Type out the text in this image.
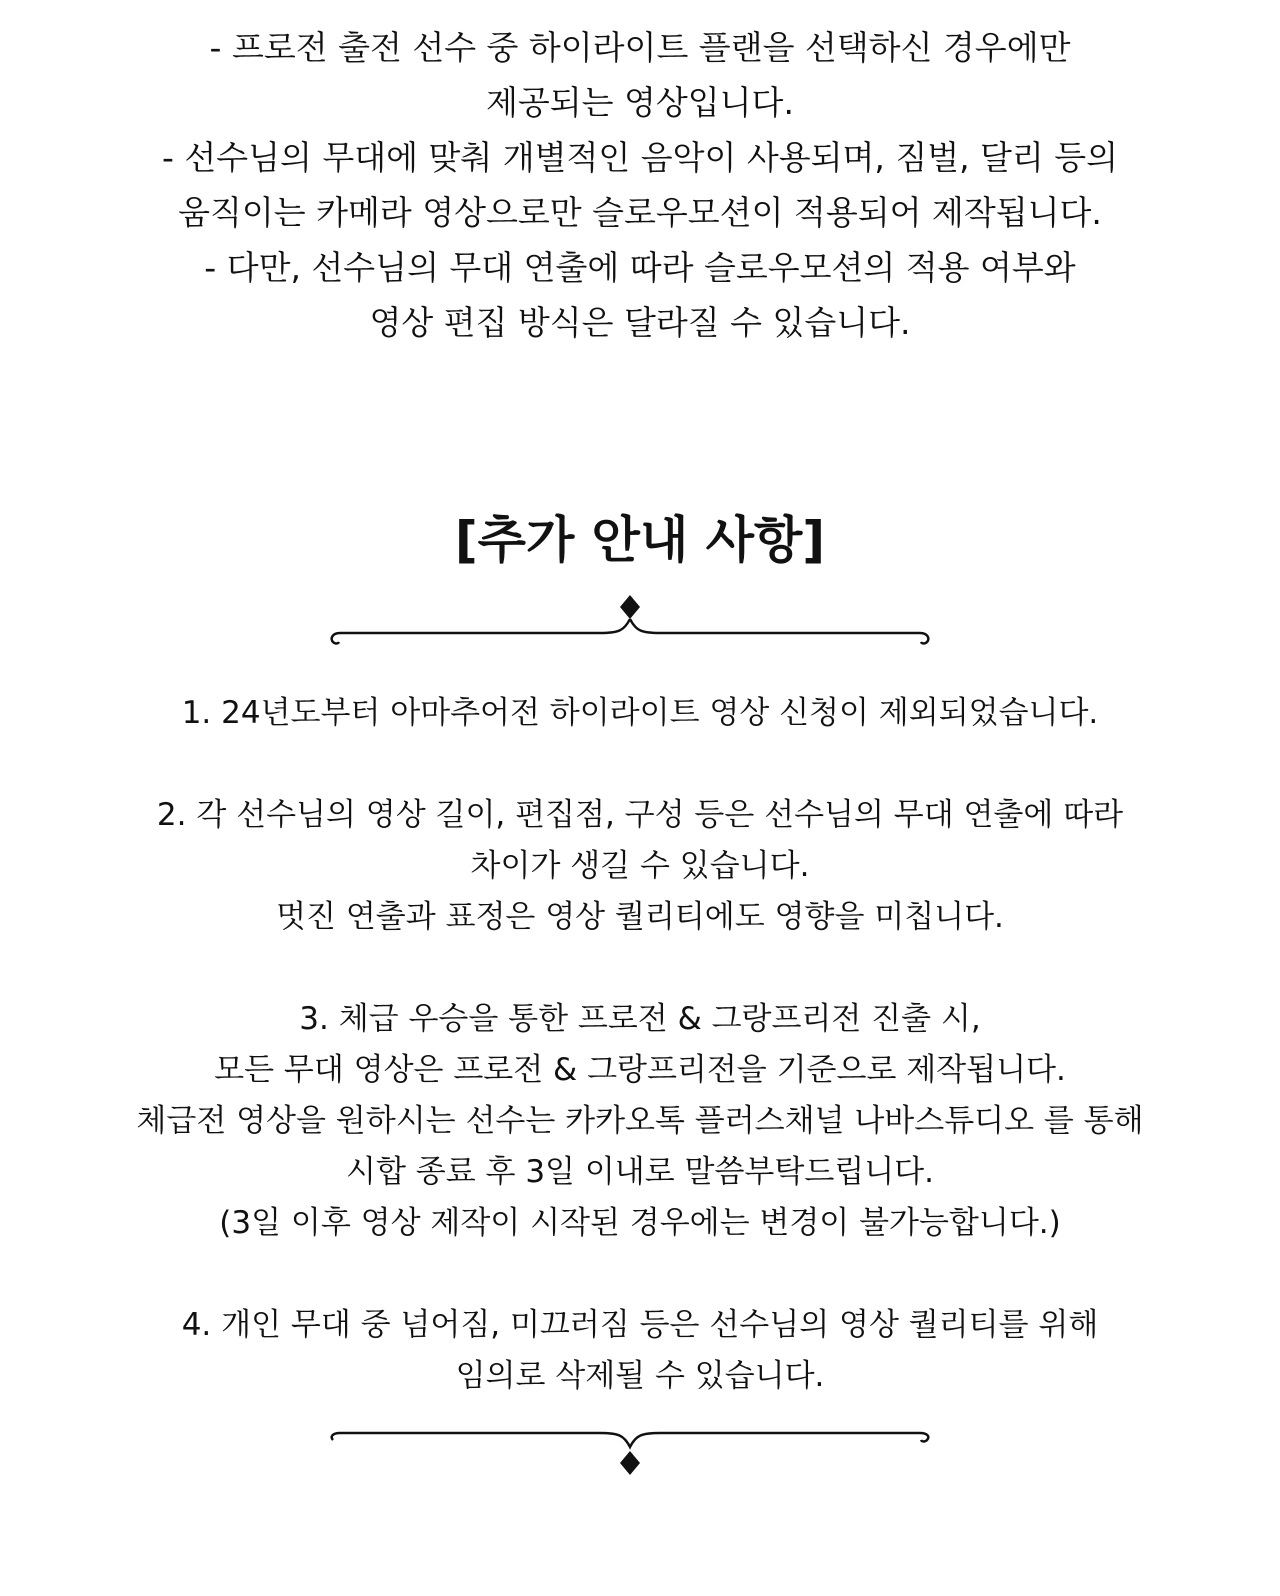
- 프로전 출전 선수 중 하이라이트 플랜을 선택하신 경우에만

제공되는 영상입니다.

- 선수님의 무대에 맞춰 개별적인 음악이 사용되며, 짐벌, 달리 등의

움직이는 카메라 영상으로만 슬로우모션이 적용되어 제작됩니다.

- 다만, 선수님의 무대 연출에 따라 슬로우모션의 적용 여부와

영상 편집 방식은 달라질 수 있습니다.

[추가 안내 사항]

1. 24년도부터 아마추어전 하이라이트 영상 신청이 제외되었습니다.

2. 각 선수님의 영상 길이, 편집점, 구성 등은 선수님의 무대 연출에 따라

차이가 생길 수 있습니다.

멋진 연출과 표정은 영상 퀄리티에도 영향을 미칩니다.

3. 체급 우승을 통한 프로전 & 그랑프리전 진출 시,

모든 무대 영상은 프로전 & 그랑프리전을 기준으로 제작됩니다.

체급전 영상을 원하시는 선수는 카카오톡 플러스채널 나바스튜디오 를 통해

시합 종료 후 3일 이내로 말씀부탁드립니다.

(3일 이후 영상 제작이 시작된 경우에는 변경이 불가능합니다.)

4. 개인 무대 중 넘어짐, 미끄러짐 등은 선수님의 영상 퀄리티를 위해

임의로 삭제될 수 있습니다.
